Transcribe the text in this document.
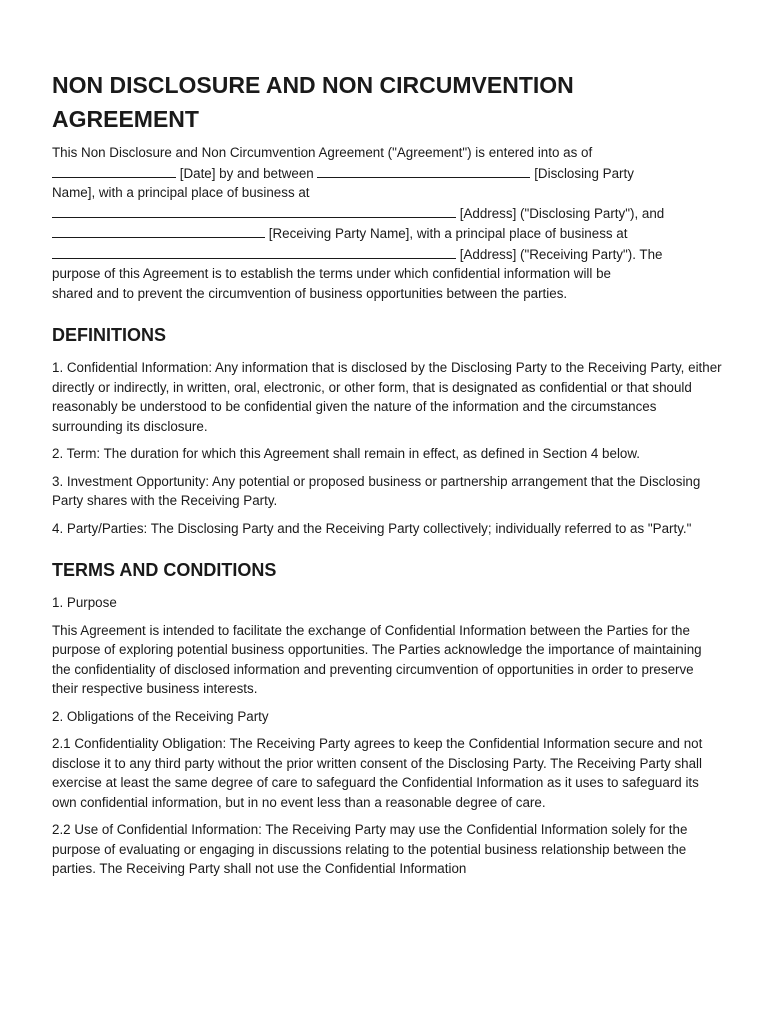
NON DISCLOSURE AND NON CIRCUMVENTION AGREEMENT

This Non Disclosure and Non Circumvention Agreement ("Agreement") is entered into as of
[Date] by and between	[Disclosing Party
Name], with a principal place of business at
[Address] ("Disclosing Party"), and
[Receiving Party Name], with a principal place of business at
[Address] ("Receiving Party"). The
purpose of this Agreement is to establish the terms under which confidential information will be
shared and to prevent the circumvention of business opportunities between the parties.

DEFINITIONS

1. Confidential Information: Any information that is disclosed by the Disclosing Party to the Receiving Party, either directly or indirectly, in written, oral, electronic, or other form, that is designated as confidential or that should reasonably be understood to be confidential given the nature of the information and the circumstances surrounding its disclosure.

2. Term: The duration for which this Agreement shall remain in effect, as defined in Section 4 below.

3. Investment Opportunity: Any potential or proposed business or partnership arrangement that the Disclosing Party shares with the Receiving Party.

4. Party/Parties: The Disclosing Party and the Receiving Party collectively; individually referred to as "Party."

TERMS AND CONDITIONS

1. Purpose

This Agreement is intended to facilitate the exchange of Confidential Information between the Parties for the purpose of exploring potential business opportunities. The Parties acknowledge the importance of maintaining the confidentiality of disclosed information and preventing circumvention of opportunities in order to preserve their respective business interests.

2. Obligations of the Receiving Party

2.1 Confidentiality Obligation: The Receiving Party agrees to keep the Confidential Information secure and not disclose it to any third party without the prior written consent of the Disclosing Party. The Receiving Party shall exercise at least the same degree of care to safeguard the Confidential Information as it uses to safeguard its own confidential information, but in no event less than a reasonable degree of care.

2.2 Use of Confidential Information: The Receiving Party may use the Confidential Information solely for the purpose of evaluating or engaging in discussions relating to the potential business relationship between the parties. The Receiving Party shall not use the Confidential Information
